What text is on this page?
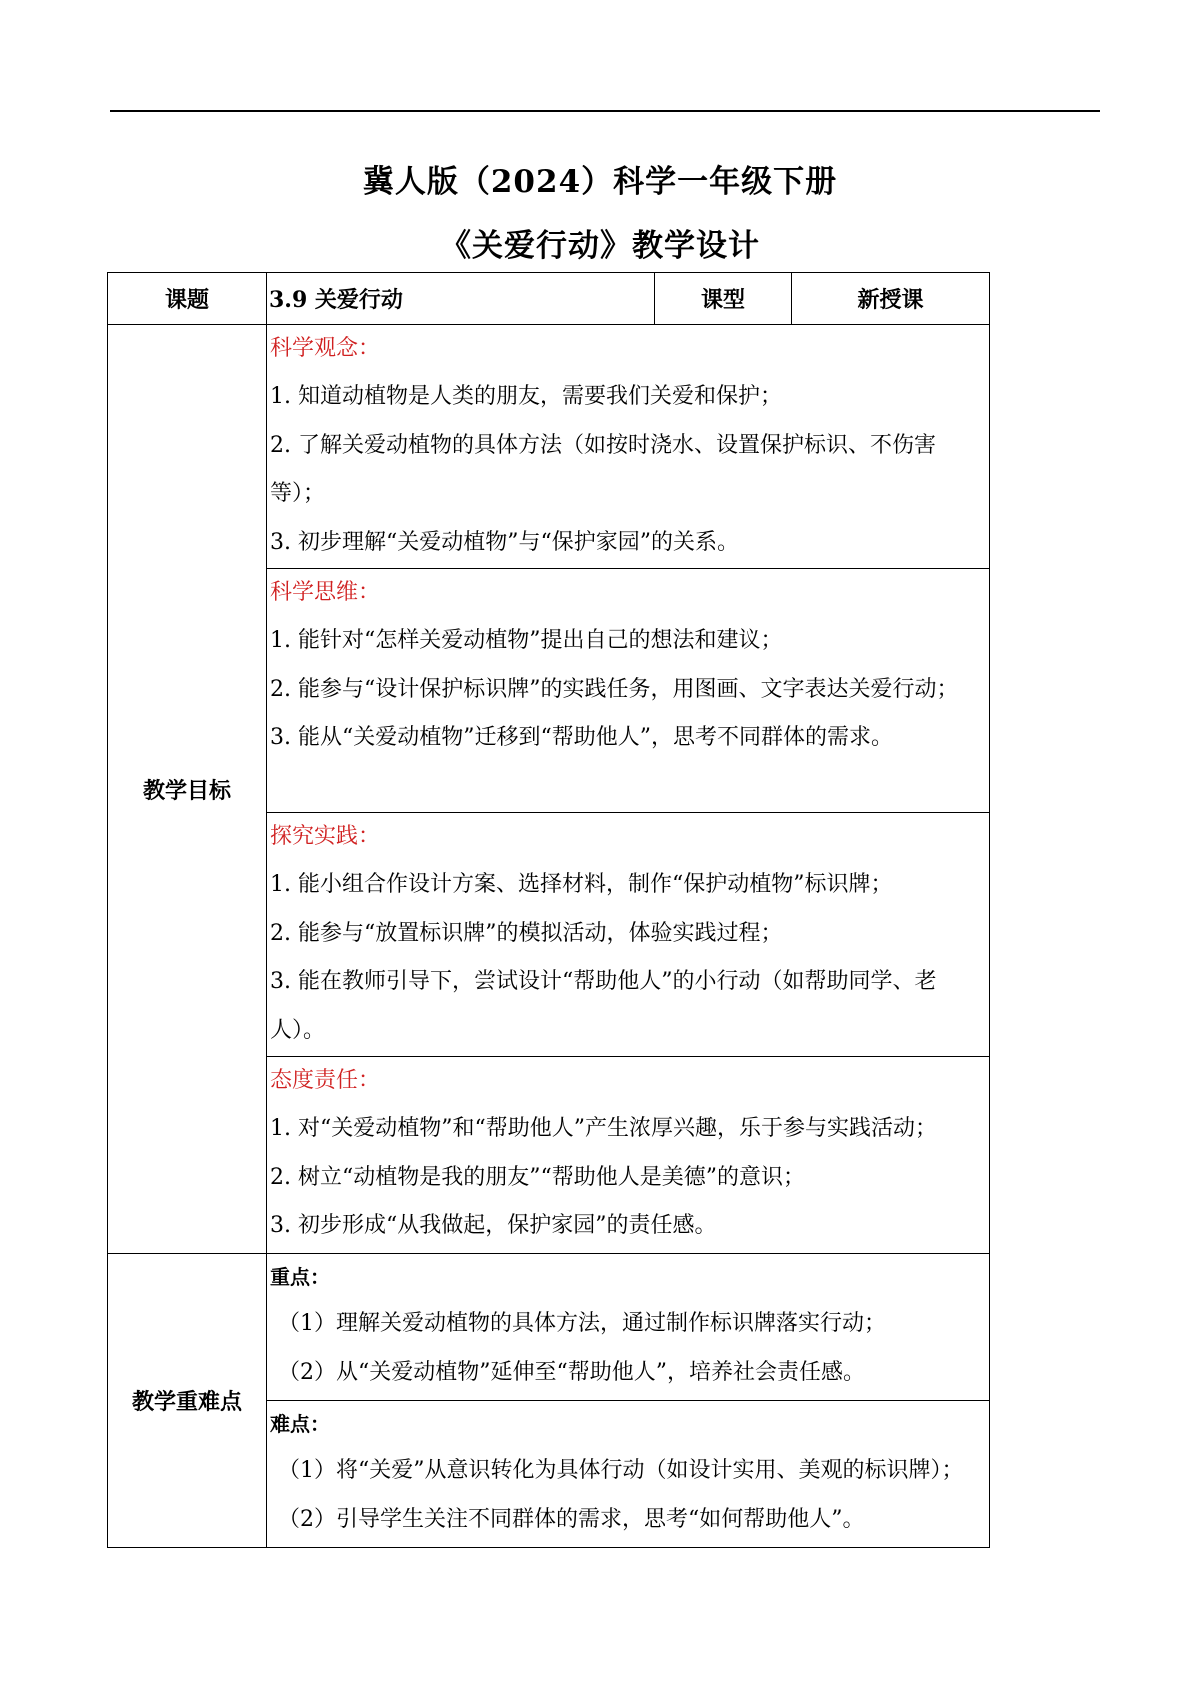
冀人版（2024）科学一年级下册
《关爱行动》教学设计
课题	3.9 关爱行动	课型	新授课
教学目标	科学观念：
1. 知道动植物是人类的朋友，需要我们关爱和保护；
2. 了解关爱动植物的具体方法（如按时浇水、设置保护标识、不伤害等）；
3. 初步理解“关爱动植物”与“保护家园”的关系。		

	科学思维：
1. 能针对“怎样关爱动植物”提出自己的想法和建议；
2. 能参与“设计保护标识牌”的实践任务，用图画、文字表达关爱行动；
3. 能从“关爱动植物”迁移到“帮助他人”，思考不同群体的需求。		

	探究实践：
1. 能小组合作设计方案、选择材料，制作“保护动植物”标识牌；
2. 能参与“放置标识牌”的模拟活动，体验实践过程；
3. 能在教师引导下，尝试设计“帮助他人”的小行动（如帮助同学、老人）。		

	态度责任：
1. 对“关爱动植物”和“帮助他人”产生浓厚兴趣，乐于参与实践活动；
2. 树立“动植物是我的朋友”“帮助他人是美德”的意识；
3. 初步形成“从我做起，保护家园”的责任感。		

教学重难点	重点：
（1）理解关爱动植物的具体方法，通过制作标识牌落实行动；
（2）从“关爱动植物”延伸至“帮助他人”，培养社会责任感。		

	难点：
（1）将“关爱”从意识转化为具体行动（如设计实用、美观的标识牌）；
（2）引导学生关注不同群体的需求，思考“如何帮助他人”。		
